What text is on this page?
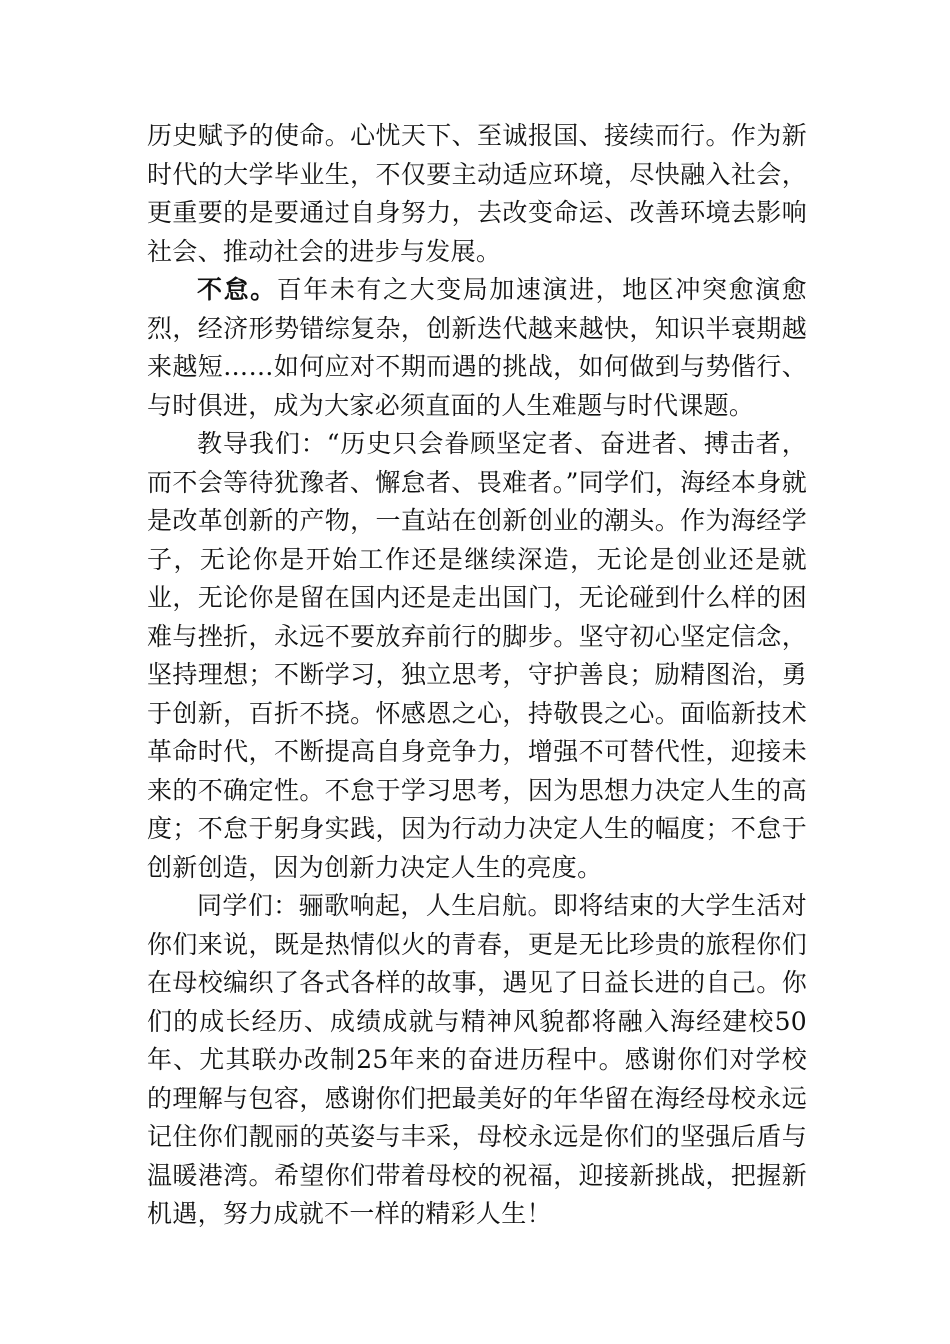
历史赋予的使命。心忧天下、至诚报国、接续而行。作为新时代的大学毕业生，不仅要主动适应环境，尽快融入社会，更重要的是要通过自身努力，去改变命运、改善环境去影响社会、推动社会的进步与发展。

不怠。百年未有之大变局加速演进，地区冲突愈演愈烈，经济形势错综复杂，创新迭代越来越快，知识半衰期越来越短……如何应对不期而遇的挑战，如何做到与势偕行、与时俱进，成为大家必须直面的人生难题与时代课题。

教导我们：“历史只会眷顾坚定者、奋进者、搏击者，而不会等待犹豫者、懈怠者、畏难者。”同学们，海经本身就是改革创新的产物，一直站在创新创业的潮头。作为海经学子，无论你是开始工作还是继续深造，无论是创业还是就业，无论你是留在国内还是走出国门，无论碰到什么样的困难与挫折，永远不要放弃前行的脚步。坚守初心坚定信念，坚持理想；不断学习，独立思考，守护善良；励精图治，勇于创新，百折不挠。怀感恩之心，持敬畏之心。面临新技术革命时代，不断提高自身竞争力，增强不可替代性，迎接未来的不确定性。不怠于学习思考，因为思想力决定人生的高度；不怠于躬身实践，因为行动力决定人生的幅度；不怠于创新创造，因为创新力决定人生的亮度。

同学们：骊歌响起，人生启航。即将结束的大学生活对你们来说，既是热情似火的青春，更是无比珍贵的旅程你们在母校编织了各式各样的故事，遇见了日益长进的自己。你们的成长经历、成绩成就与精神风貌都将融入海经建校50年、尤其联办改制25年来的奋进历程中。感谢你们对学校的理解与包容，感谢你们把最美好的年华留在海经母校永远记住你们靓丽的英姿与丰采，母校永远是你们的坚强后盾与温暖港湾。希望你们带着母校的祝福，迎接新挑战，把握新机遇，努力成就不一样的精彩人生！
